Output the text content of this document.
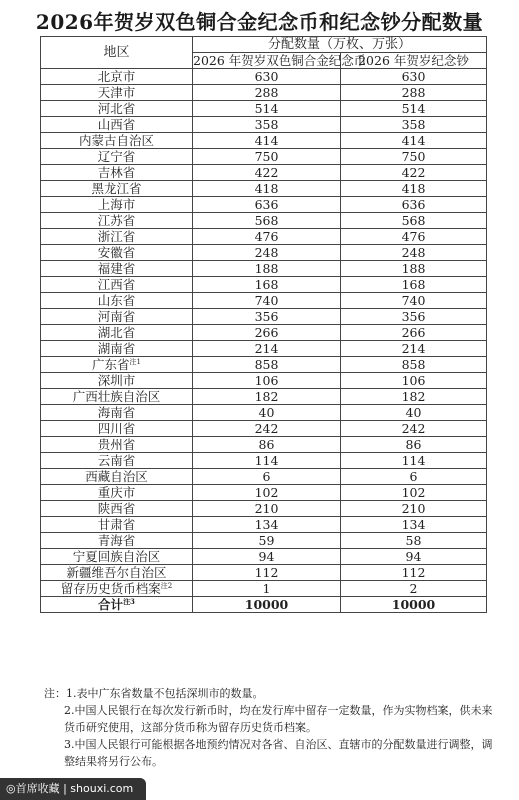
2026年贺岁双色铜合金纪念币和纪念钞分配数量
地区	分配数量（万枚、万张）	
	2026 年贺岁双色铜合金纪念币	2026 年贺岁纪念钞
北京市	630	630
天津市	288	288
河北省	514	514
山西省	358	358
内蒙古自治区	414	414
辽宁省	750	750
吉林省	422	422
黑龙江省	418	418
上海市	636	636
江苏省	568	568
浙江省	476	476
安徽省	248	248
福建省	188	188
江西省	168	168
山东省	740	740
河南省	356	356
湖北省	266	266
湖南省	214	214
广东省$^{注1}$	858	858
深圳市	106	106
广西壮族自治区	182	182
海南省	40	40
四川省	242	242
贵州省	86	86
云南省	114	114
西藏自治区	6	6
重庆市	102	102
陕西省	210	210
甘肃省	134	134
青海省	59	58
宁夏回族自治区	94	94
新疆维吾尔自治区	112	112
留存历史货币档案$^{注2}$	1	2
合计$^{注3}$	10000	10000

注：1.表中广东省数量不包括深圳市的数量。

2.中国人民银行在每次发行新币时，均在发行库中留存一定数量，作为实物档案，供未来货币研究使用，这部分货币称为留存历史货币档案。

3.中国人民银行可能根据各地预约情况对各省、自治区、直辖市的分配数量进行调整，调整结果将另行公布。

◎首席收藏 | shouxi.com
